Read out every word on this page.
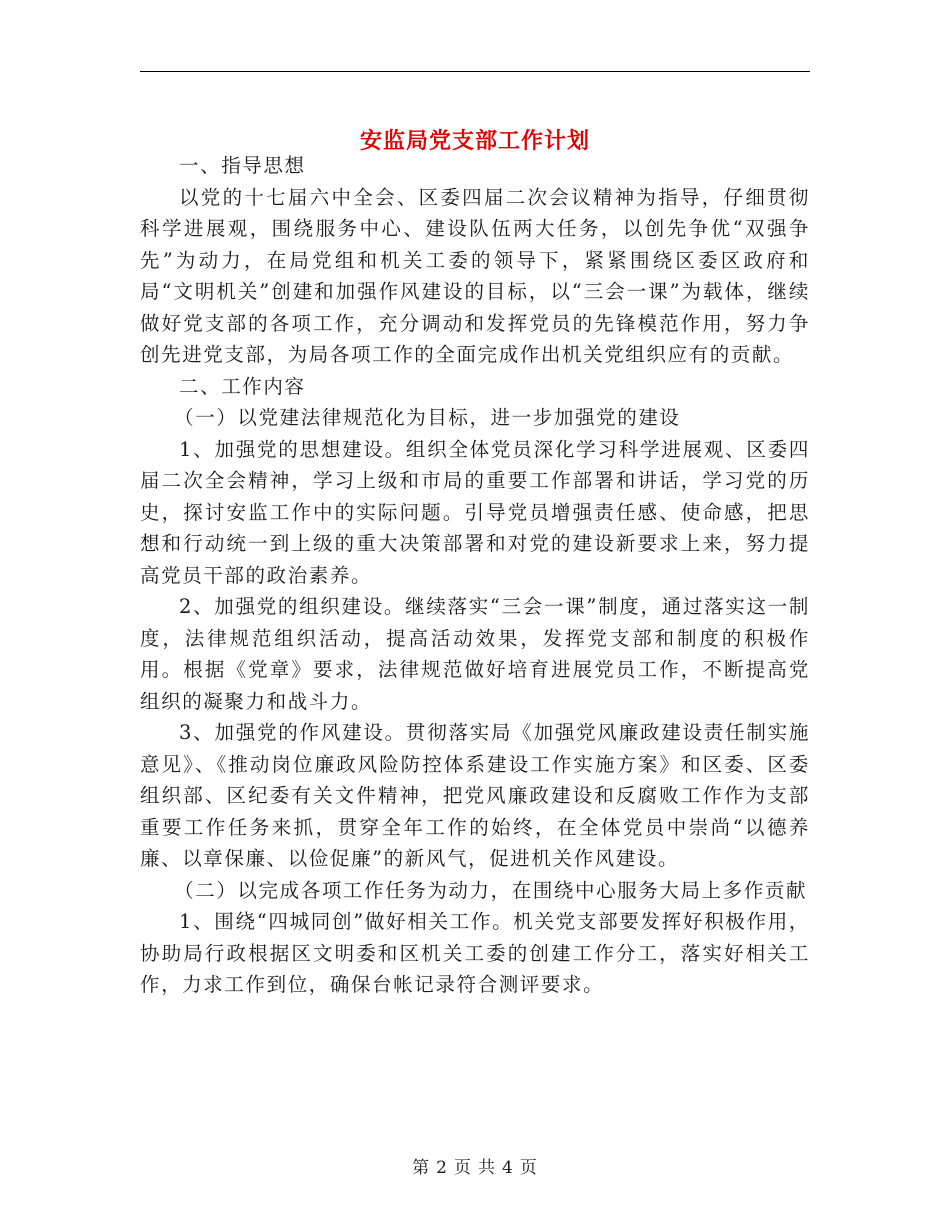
安监局党支部工作计划

一、指导思想

以党的十七届六中全会、区委四届二次会议精神为指导，仔细贯彻科学进展观，围绕服务中心、建设队伍两大任务，以创先争优“双强争先”为动力，在局党组和机关工委的领导下，紧紧围绕区委区政府和局“文明机关”创建和加强作风建设的目标，以“三会一课”为载体，继续做好党支部的各项工作，充分调动和发挥党员的先锋模范作用，努力争创先进党支部，为局各项工作的全面完成作出机关党组织应有的贡献。

二、工作内容

（一）以党建法律规范化为目标，进一步加强党的建设

1、加强党的思想建设。组织全体党员深化学习科学进展观、区委四届二次全会精神，学习上级和市局的重要工作部署和讲话，学习党的历史，探讨安监工作中的实际问题。引导党员增强责任感、使命感，把思想和行动统一到上级的重大决策部署和对党的建设新要求上来，努力提高党员干部的政治素养。

2、加强党的组织建设。继续落实“三会一课”制度，通过落实这一制度，法律规范组织活动，提高活动效果，发挥党支部和制度的积极作用。根据《党章》要求，法律规范做好培育进展党员工作，不断提高党组织的凝聚力和战斗力。

3、加强党的作风建设。贯彻落实局《加强党风廉政建设责任制实施意见》、《推动岗位廉政风险防控体系建设工作实施方案》和区委、区委组织部、区纪委有关文件精神，把党风廉政建设和反腐败工作作为支部重要工作任务来抓，贯穿全年工作的始终，在全体党员中崇尚“以德养廉、以章保廉、以俭促廉”的新风气，促进机关作风建设。

（二）以完成各项工作任务为动力，在围绕中心服务大局上多作贡献

1、围绕“四城同创”做好相关工作。机关党支部要发挥好积极作用，协助局行政根据区文明委和区机关工委的创建工作分工，落实好相关工作，力求工作到位，确保台帐记录符合测评要求。

第 2 页 共 4 页
